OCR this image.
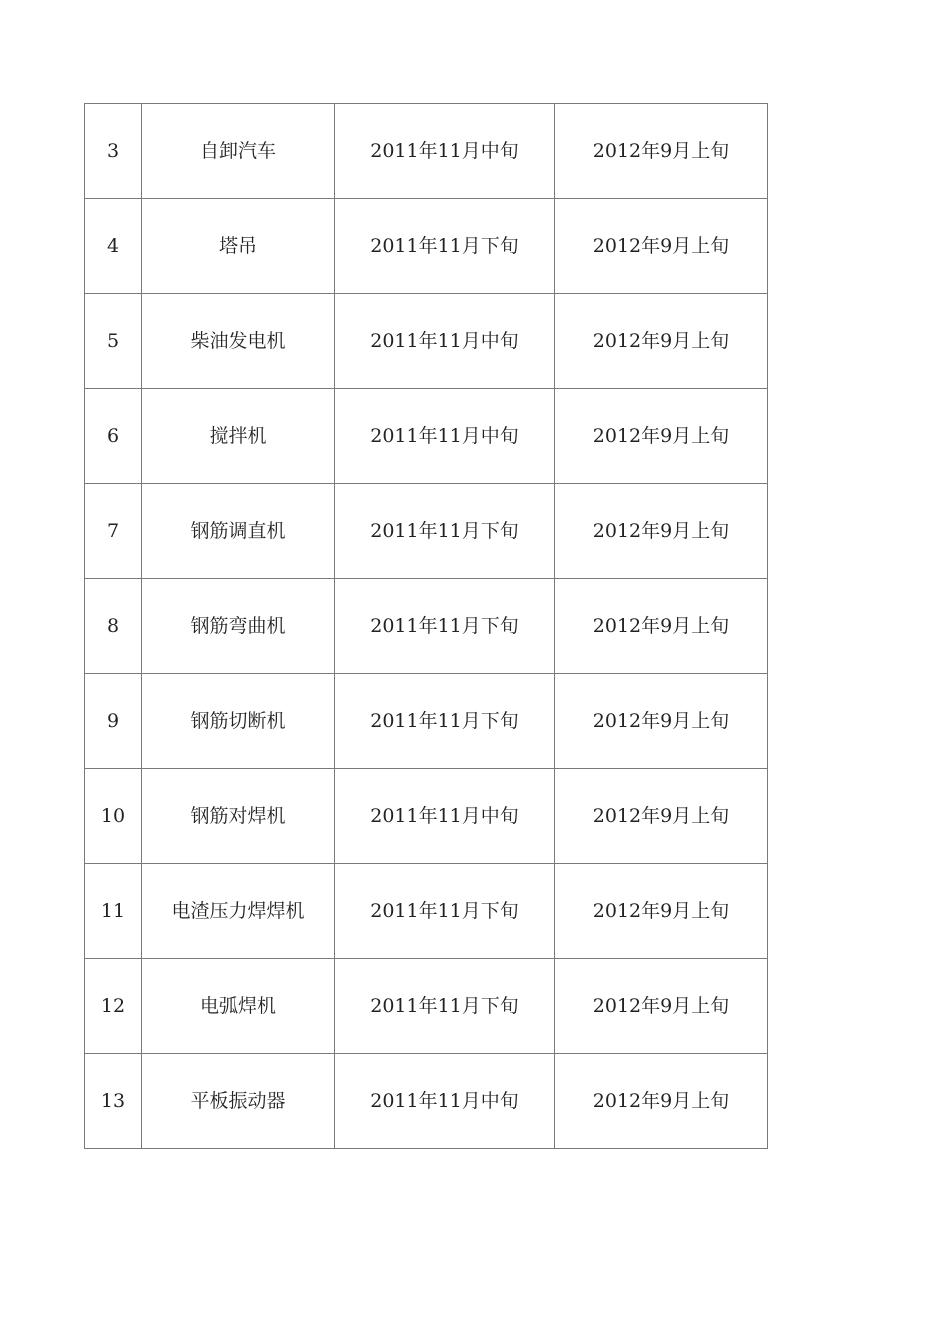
3	自卸汽车	2011年11月中旬	2012年9月上旬
4	塔吊	2011年11月下旬	2012年9月上旬
5	柴油发电机	2011年11月中旬	2012年9月上旬
6	搅拌机	2011年11月中旬	2012年9月上旬
7	钢筋调直机	2011年11月下旬	2012年9月上旬
8	钢筋弯曲机	2011年11月下旬	2012年9月上旬
9	钢筋切断机	2011年11月下旬	2012年9月上旬
10	钢筋对焊机	2011年11月中旬	2012年9月上旬
11	电渣压力焊焊机	2011年11月下旬	2012年9月上旬
12	电弧焊机	2011年11月下旬	2012年9月上旬
13	平板振动器	2011年11月中旬	2012年9月上旬
